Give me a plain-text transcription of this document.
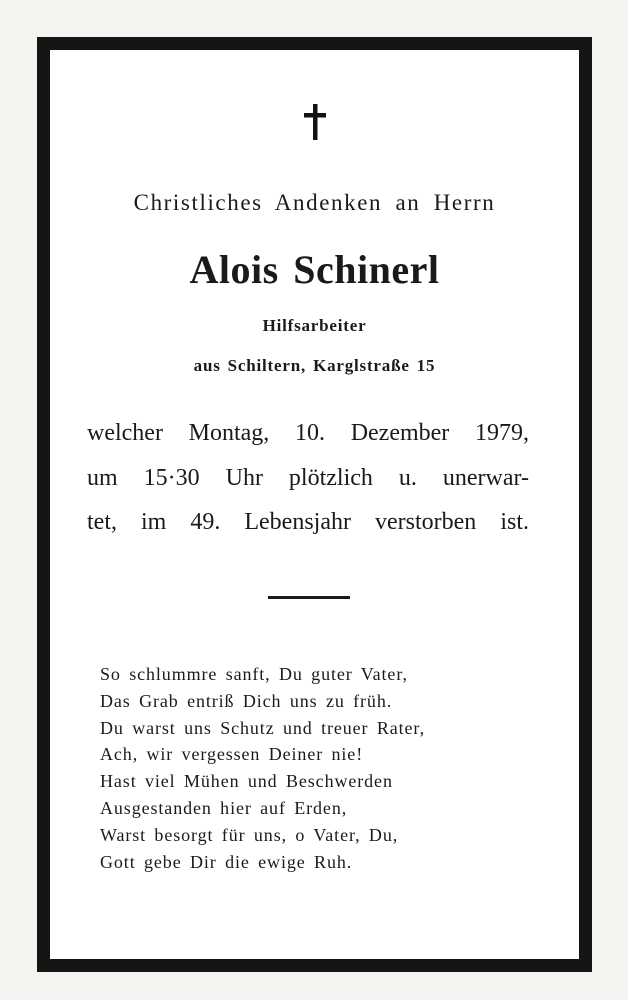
Christliches Andenken an Herrn
Alois Schinerl
Hilfsarbeiter
aus Schiltern, Karglstraße 15
welcher Montag, 10. Dezember 1979,
um 15·30 Uhr plötzlich u. unerwar-
tet, im 49. Lebensjahr verstorben ist.
So schlummre sanft, Du guter Vater,
Das Grab entriß Dich uns zu früh.
Du warst uns Schutz und treuer Rater,
Ach, wir vergessen Deiner nie!
Hast viel Mühen und Beschwerden
Ausgestanden hier auf Erden,
Warst besorgt für uns, o Vater, Du,
Gott gebe Dir die ewige Ruh.
